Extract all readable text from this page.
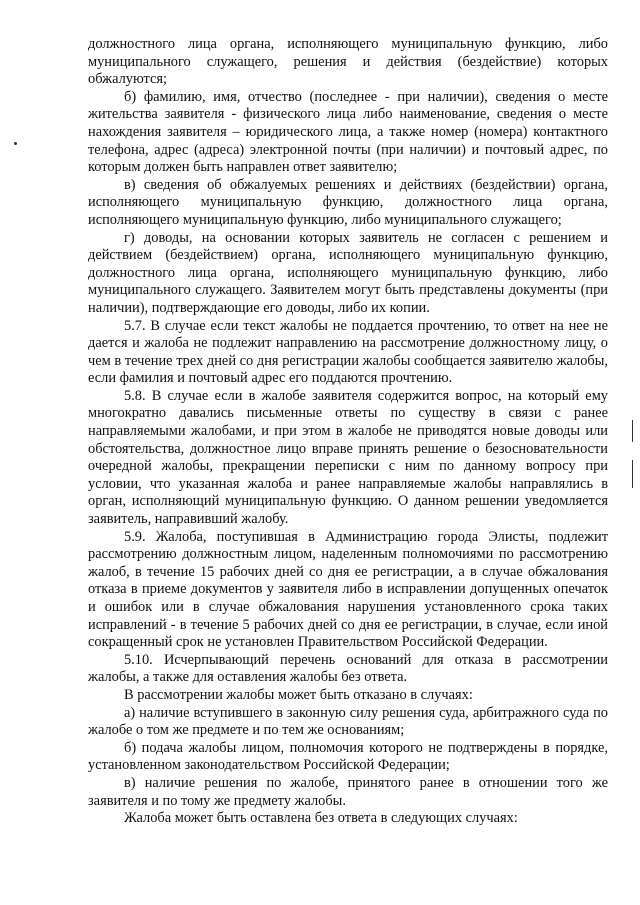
должностного лица органа, исполняющего муниципальную функцию, либо муниципального служащего, решения и действия (бездействие) которых обжалуются;

б) фамилию, имя, отчество (последнее - при наличии), сведения о месте жительства заявителя - физического лица либо наименование, сведения о месте нахождения заявителя – юридического лица, а также номер (номера) контактного телефона, адрес (адреса) электронной почты (при наличии) и почтовый адрес, по которым должен быть направлен ответ заявителю;

в) сведения об обжалуемых решениях и действиях (бездействии) органа, исполняющего муниципальную функцию, должностного лица органа, исполняющего муниципальную функцию, либо муниципального служащего;

г) доводы, на основании которых заявитель не согласен с решением и действием (бездействием) органа, исполняющего муниципальную функцию, должностного лица органа, исполняющего муниципальную функцию, либо муниципального служащего. Заявителем могут быть представлены документы (при наличии), подтверждающие его доводы, либо их копии.

5.7. В случае если текст жалобы не поддается прочтению, то ответ на нее не дается и жалоба не подлежит направлению на рассмотрение должностному лицу, о чем в течение трех дней со дня регистрации жалобы сообщается заявителю жалобы, если фамилия и почтовый адрес его поддаются прочтению.

5.8. В случае если в жалобе заявителя содержится вопрос, на который ему многократно давались письменные ответы по существу в связи с ранее направляемыми жалобами, и при этом в жалобе не приводятся новые доводы или обстоятельства, должностное лицо вправе принять решение о безосновательности очередной жалобы, прекращении переписки с ним по данному вопросу при условии, что указанная жалоба и ранее направляемые жалобы направлялись в орган, исполняющий муниципальную функцию. О данном решении уведомляется заявитель, направивший жалобу.

5.9. Жалоба, поступившая в Администрацию города Элисты, подлежит рассмотрению должностным лицом, наделенным полномочиями по рассмотрению жалоб, в течение 15 рабочих дней со дня ее регистрации, а в случае обжалования отказа в приеме документов у заявителя либо в исправлении допущенных опечаток и ошибок или в случае обжалования нарушения установленного срока таких исправлений - в течение 5 рабочих дней со дня ее регистрации, в случае, если иной сокращенный срок не установлен Правительством Российской Федерации.

5.10. Исчерпывающий перечень оснований для отказа в рассмотрении жалобы, а также для оставления жалобы без ответа.

В рассмотрении жалобы может быть отказано в случаях:

а) наличие вступившего в законную силу решения суда, арбитражного суда по жалобе о том же предмете и по тем же основаниям;

б) подача жалобы лицом, полномочия которого не подтверждены в порядке, установленном законодательством Российской Федерации;

в) наличие решения по жалобе, принятого ранее в отношении того же заявителя и по тому же предмету жалобы.

Жалоба может быть оставлена без ответа в следующих случаях:
